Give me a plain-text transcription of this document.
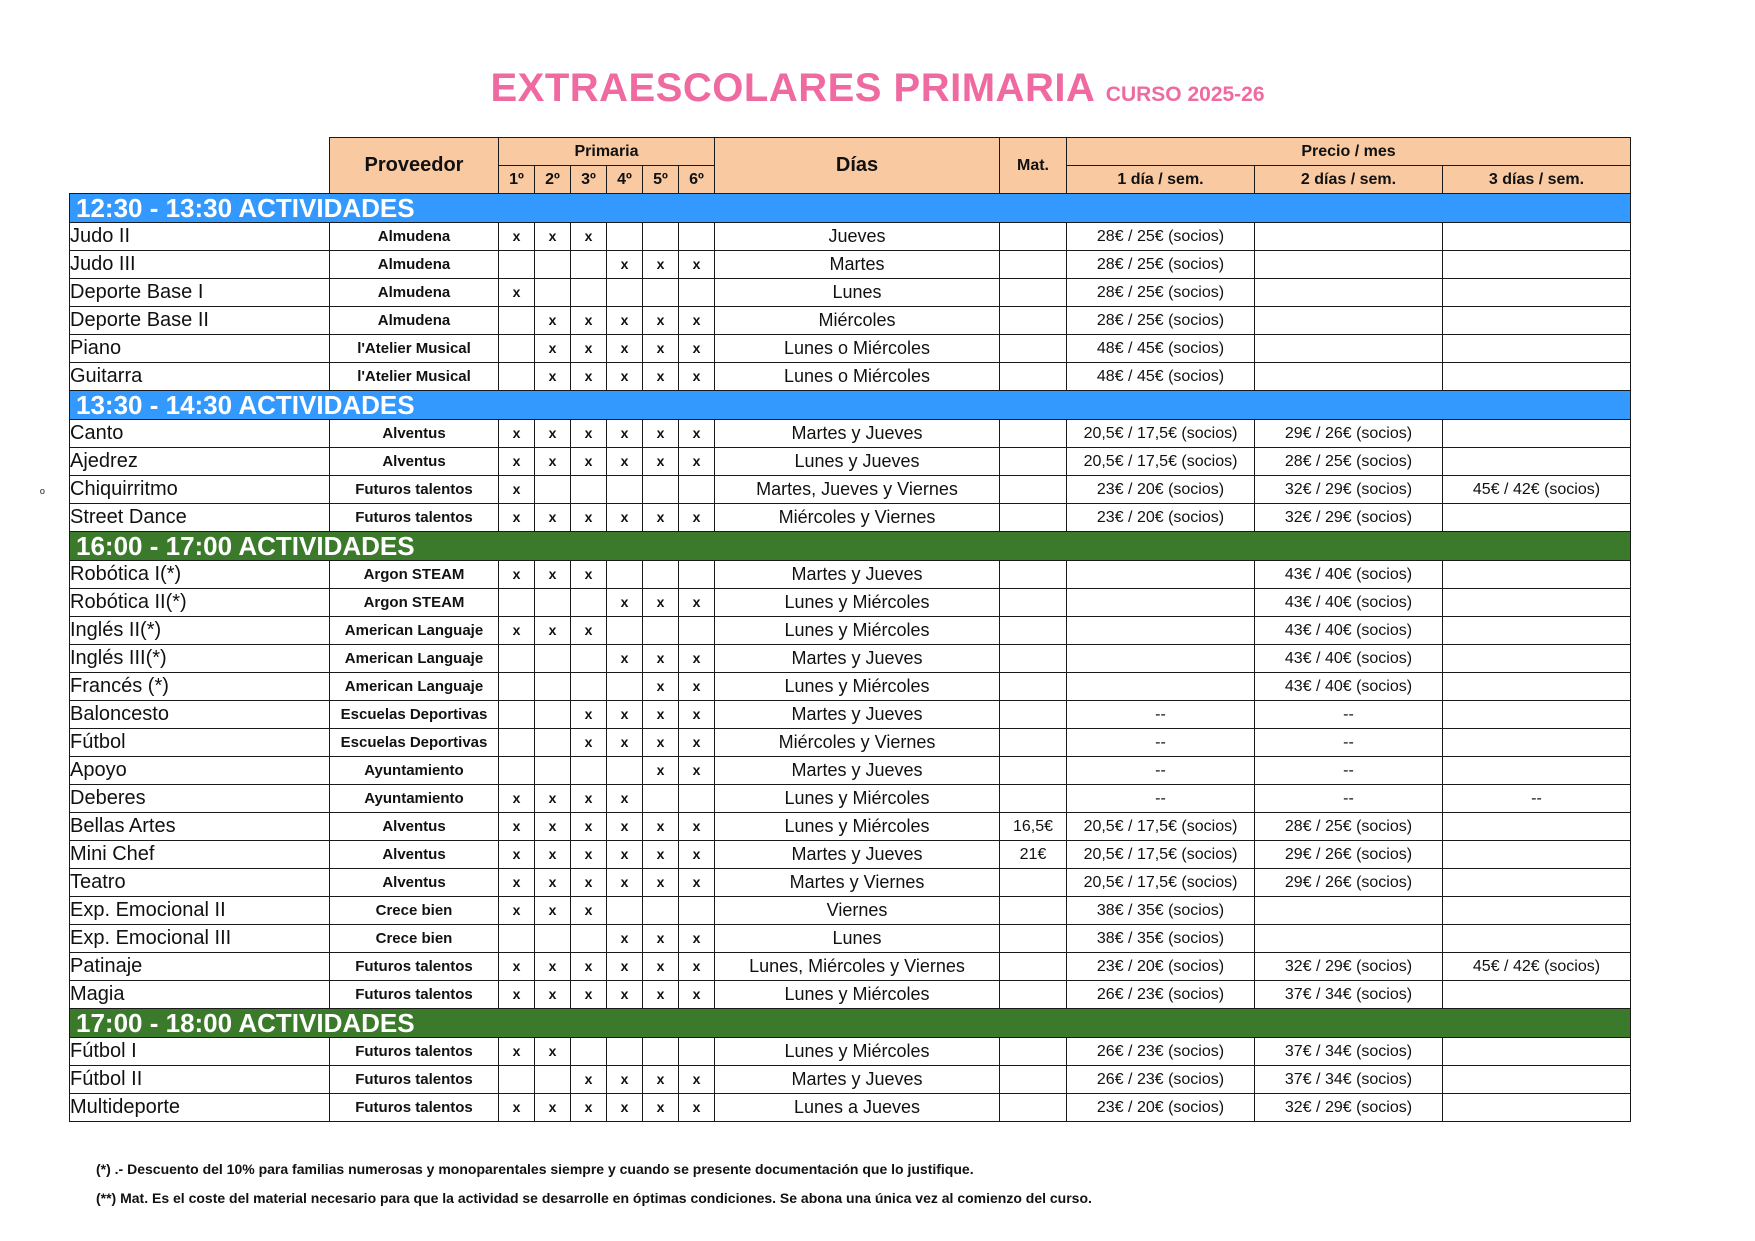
EXTRAESCOLARES PRIMARIA CURSO 2025-26
º
	Proveedor	Primaria						Días	Mat.	Precio / mes		
		1º	2º	3º	4º	5º	6º			1 día / sem.	2 días / sem.	3 días / sem.
12:30 - 13:30 ACTIVIDADES												
Judo II	Almudena	x	x	x				Jueves		28€ / 25€ (socios)		
Judo III	Almudena				x	x	x	Martes		28€ / 25€ (socios)		
Deporte Base I	Almudena	x						Lunes		28€ / 25€ (socios)		
Deporte Base II	Almudena		x	x	x	x	x	Miércoles		28€ / 25€ (socios)		
Piano	l'Atelier Musical		x	x	x	x	x	Lunes o Miércoles		48€ / 45€ (socios)		
Guitarra	l'Atelier Musical		x	x	x	x	x	Lunes o Miércoles		48€ / 45€ (socios)		
13:30 - 14:30 ACTIVIDADES												
Canto	Alventus	x	x	x	x	x	x	Martes y Jueves		20,5€ / 17,5€ (socios)	29€ / 26€ (socios)	
Ajedrez	Alventus	x	x	x	x	x	x	Lunes y Jueves		20,5€ / 17,5€ (socios)	28€ / 25€ (socios)	
Chiquirritmo	Futuros talentos	x						Martes, Jueves y Viernes		23€ / 20€ (socios)	32€ / 29€ (socios)	45€ / 42€ (socios)
Street Dance	Futuros talentos	x	x	x	x	x	x	Miércoles y Viernes		23€ / 20€ (socios)	32€ / 29€ (socios)	
16:00 - 17:00 ACTIVIDADES												
Robótica I(*)	Argon STEAM	x	x	x				Martes y Jueves			43€ / 40€ (socios)	
Robótica II(*)	Argon STEAM				x	x	x	Lunes y Miércoles			43€ / 40€ (socios)	
Inglés II(*)	American Languaje	x	x	x				Lunes y Miércoles			43€ / 40€ (socios)	
Inglés III(*)	American Languaje				x	x	x	Martes y Jueves			43€ / 40€ (socios)	
Francés (*)	American Languaje					x	x	Lunes y Miércoles			43€ / 40€ (socios)	
Baloncesto	Escuelas Deportivas			x	x	x	x	Martes y Jueves		--	--	
Fútbol	Escuelas Deportivas			x	x	x	x	Miércoles y Viernes		--	--	
Apoyo	Ayuntamiento					x	x	Martes y Jueves		--	--	
Deberes	Ayuntamiento	x	x	x	x			Lunes y Miércoles		--	--	--
Bellas Artes	Alventus	x	x	x	x	x	x	Lunes y Miércoles	16,5€	20,5€ / 17,5€ (socios)	28€ / 25€ (socios)	
Mini Chef	Alventus	x	x	x	x	x	x	Martes y Jueves	21€	20,5€ / 17,5€ (socios)	29€ / 26€ (socios)	
Teatro	Alventus	x	x	x	x	x	x	Martes y Viernes		20,5€ / 17,5€ (socios)	29€ / 26€ (socios)	
Exp. Emocional II	Crece bien	x	x	x				Viernes		38€ / 35€ (socios)		
Exp. Emocional III	Crece bien				x	x	x	Lunes		38€ / 35€ (socios)		
Patinaje	Futuros talentos	x	x	x	x	x	x	Lunes, Miércoles y Viernes		23€ / 20€ (socios)	32€ / 29€ (socios)	45€ / 42€ (socios)
Magia	Futuros talentos	x	x	x	x	x	x	Lunes y Miércoles		26€ / 23€ (socios)	37€ / 34€ (socios)	
17:00 - 18:00 ACTIVIDADES												
Fútbol I	Futuros talentos	x	x					Lunes y Miércoles		26€ / 23€ (socios)	37€ / 34€ (socios)	
Fútbol II	Futuros talentos			x	x	x	x	Martes y Jueves		26€ / 23€ (socios)	37€ / 34€ (socios)	
Multideporte	Futuros talentos	x	x	x	x	x	x	Lunes a Jueves		23€ / 20€ (socios)	32€ / 29€ (socios)	
(*) .- Descuento del 10% para familias numerosas y monoparentales siempre y cuando se presente documentación que lo justifique.
(**) Mat. Es el coste del material necesario para que la actividad se desarrolle en óptimas condiciones. Se abona una única vez al comienzo del curso.
